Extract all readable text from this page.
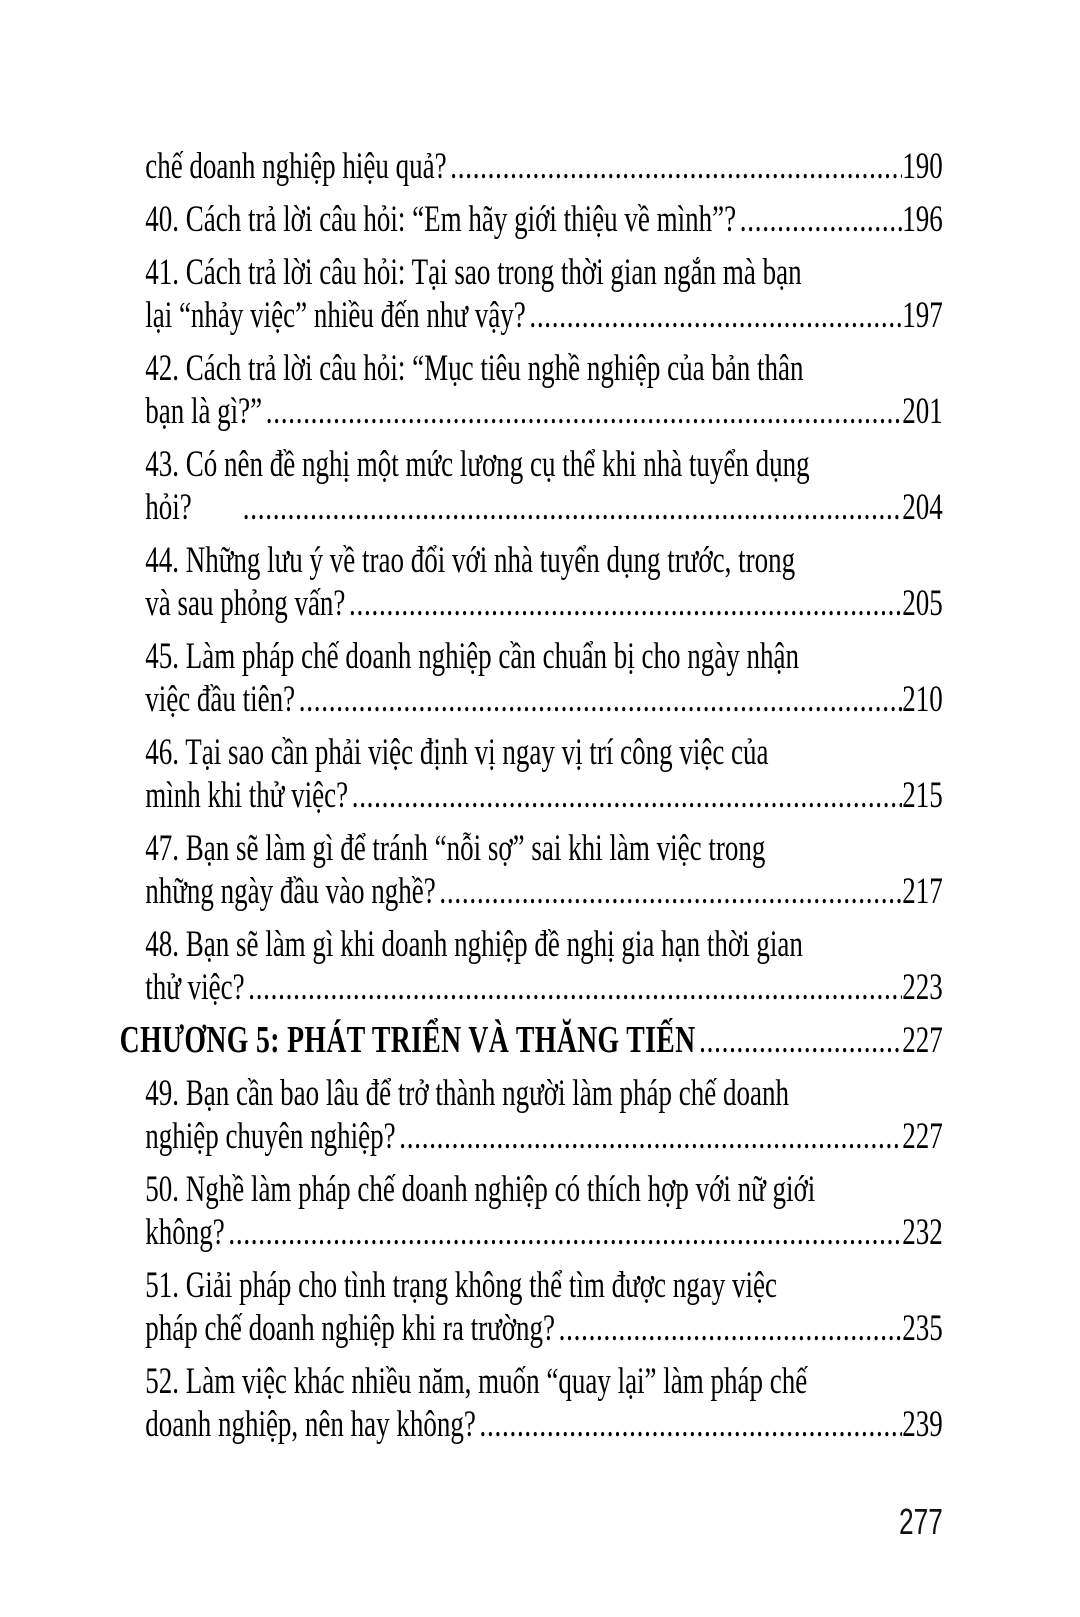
chế doanh nghiệp hiệu quả? .....	190
40. Cách trả lời câu hỏi: “Em hãy giới thiệu về mình”? .....	196
41. Cách trả lời câu hỏi: Tại sao trong thời gian ngắn mà bạn
lại “nhảy việc” nhiều đến như vậy? .....	197
42. Cách trả lời câu hỏi: “Mục tiêu nghề nghiệp của bản thân
bạn là gì?” .....	201
43. Có nên đề nghị một mức lương cụ thể khi nhà tuyển dụng
hỏi? .....	204
44. Những lưu ý về trao đổi với nhà tuyển dụng trước, trong
và sau phỏng vấn? .....	205
45. Làm pháp chế doanh nghiệp cần chuẩn bị cho ngày nhận
việc đầu tiên? .....	210
46. Tại sao cần phải việc định vị ngay vị trí công việc của
mình khi thử việc? .....	215
47. Bạn sẽ làm gì để tránh “nỗi sợ” sai khi làm việc trong
những ngày đầu vào nghề? .....	217
48. Bạn sẽ làm gì khi doanh nghiệp đề nghị gia hạn thời gian
thử việc? .....	223
CHƯƠNG 5: PHÁT TRIỂN VÀ THĂNG TIẾN .....	227
49. Bạn cần bao lâu để trở thành người làm pháp chế doanh
nghiệp chuyên nghiệp? .....	227
50. Nghề làm pháp chế doanh nghiệp có thích hợp với nữ giới
không? .....	232
51. Giải pháp cho tình trạng không thể tìm được ngay việc
pháp chế doanh nghiệp khi ra trường? .....	235
52. Làm việc khác nhiều năm, muốn “quay lại” làm pháp chế
doanh nghiệp, nên hay không? .....	239
277
